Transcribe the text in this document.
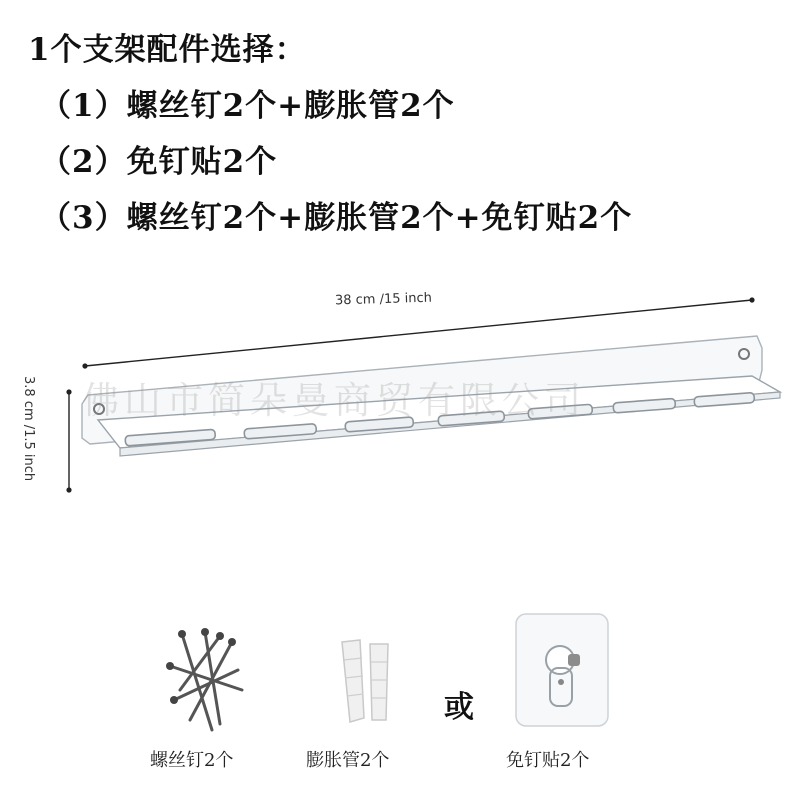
1个支架配件选择：
（1）螺丝钉2个+膨胀管2个
（2）免钉贴2个
（3）螺丝钉2个+膨胀管2个+免钉贴2个
38 cm /15 inch
3.8 cm /1.5 inch 佛山市简朵曼商贸有限公司
螺丝钉2个	膨胀管2个
或
免钉贴2个
